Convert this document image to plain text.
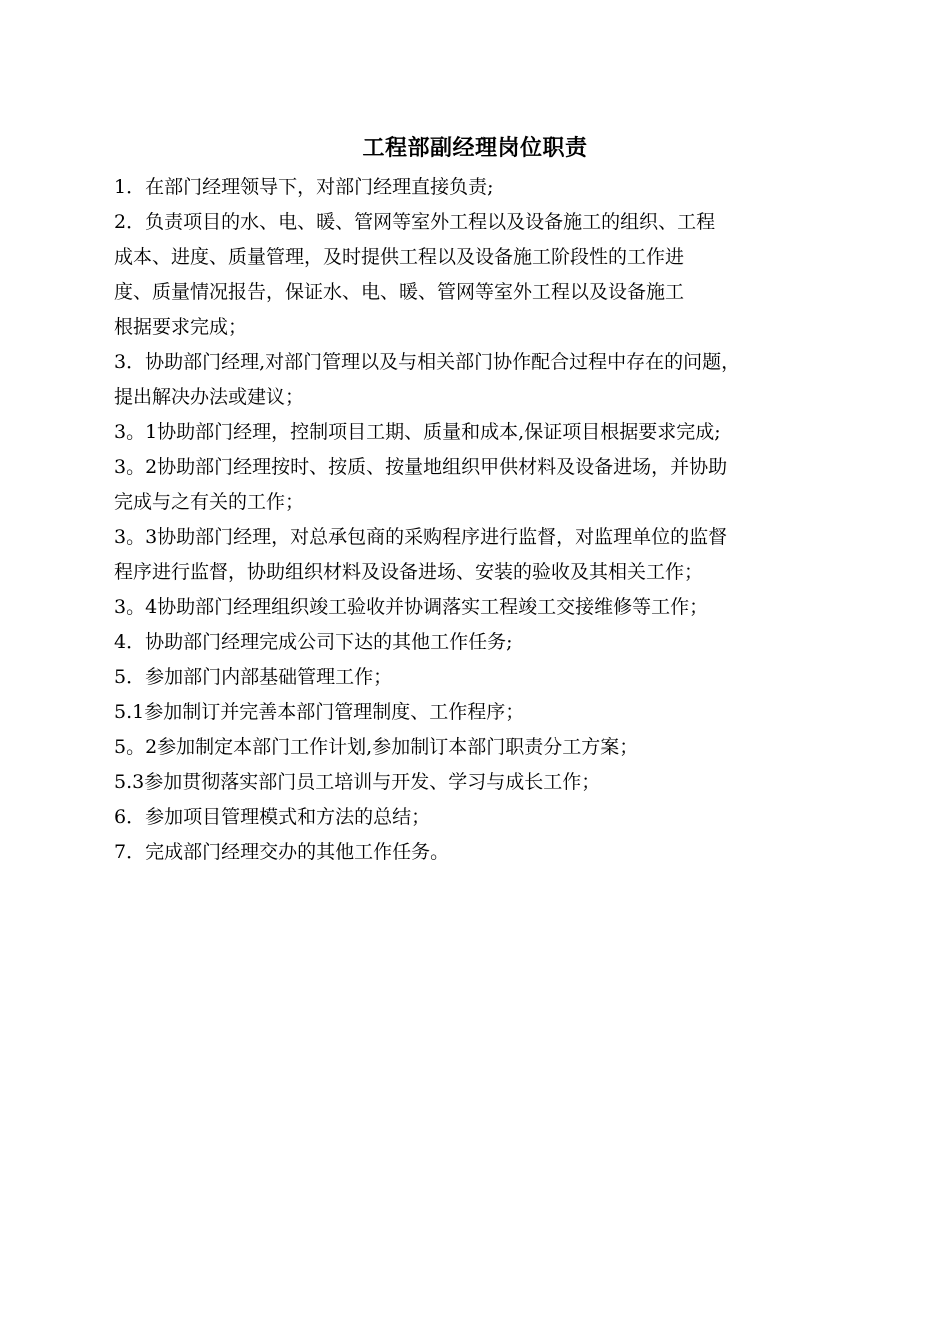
工程部副经理岗位职责
1．在部门经理领导下，对部门经理直接负责;
2．负责项目的水、电、暖、管网等室外工程以及设备施工的组织、工程
成本、进度、质量管理，及时提供工程以及设备施工阶段性的工作进
度、质量情况报告，保证水、电、暖、管网等室外工程以及设备施工
根据要求完成；
3．协助部门经理,对部门管理以及与相关部门协作配合过程中存在的问题，
提出解决办法或建议；
3。1协助部门经理，控制项目工期、质量和成本,保证项目根据要求完成;
3。2协助部门经理按时、按质、按量地组织甲供材料及设备进场，并协助
完成与之有关的工作；
3。3协助部门经理，对总承包商的采购程序进行监督，对监理单位的监督
程序进行监督，协助组织材料及设备进场、安装的验收及其相关工作；
3。4协助部门经理组织竣工验收并协调落实工程竣工交接维修等工作；
4．协助部门经理完成公司下达的其他工作任务;
5．参加部门内部基础管理工作；
5.1参加制订并完善本部门管理制度、工作程序；
5。2参加制定本部门工作计划,参加制订本部门职责分工方案；
5.3参加贯彻落实部门员工培训与开发、学习与成长工作；
6．参加项目管理模式和方法的总结；
7．完成部门经理交办的其他工作任务。
